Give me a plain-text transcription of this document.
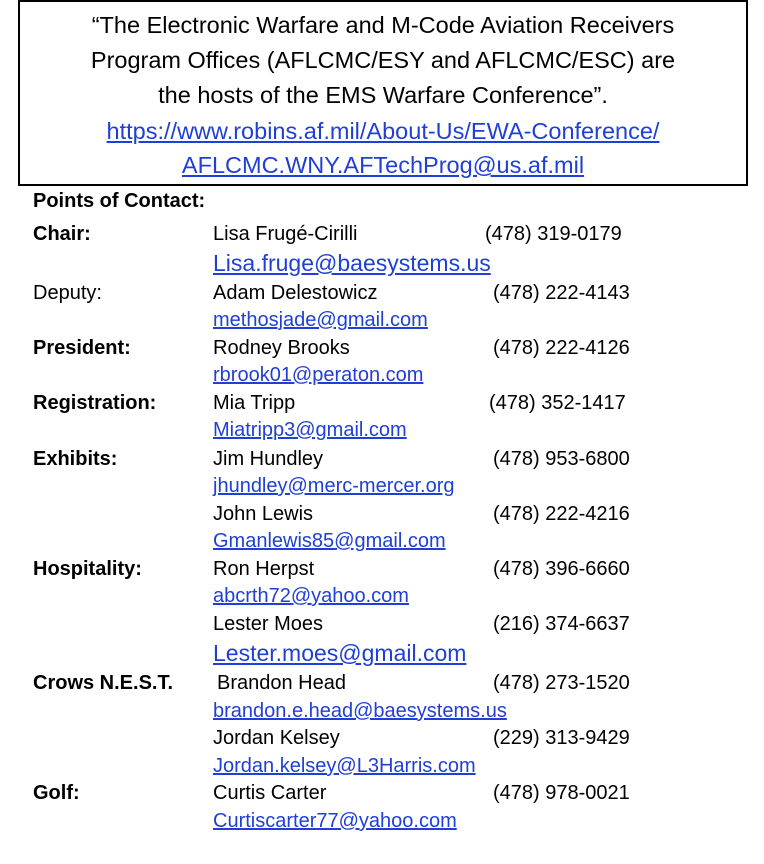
“The Electronic Warfare and M-Code Aviation Receivers
Program Offices (AFLCMC/ESY and AFLCMC/ESC) are
the hosts of the EMS Warfare Conference”.

https://www.robins.af.mil/About-Us/EWA-Conference/

AFLCMC.WNY.AFTechProg@us.af.mil

Points of Contact:
Chair:	Lisa Frugé-Cirilli	(478) 319-0179
Lisa.fruge@baesystems.us
Deputy:	Adam Delestowicz	(478) 222-4143
methosjade@gmail.com
President:	Rodney Brooks	(478) 222-4126
rbrook01@peraton.com
Registration:	Mia Tripp	(478) 352-1417
Miatripp3@gmail.com
Exhibits:	Jim Hundley	(478) 953-6800
jhundley@merc-mercer.org
John Lewis	(478) 222-4216
Gmanlewis85@gmail.com
Hospitality:	Ron Herpst	(478) 396-6660
abcrth72@yahoo.com
Lester Moes	(216) 374-6637
Lester.moes@gmail.com
Crows N.E.S.T. Brandon Head	(478) 273-1520
brandon.e.head@baesystems.us
Jordan Kelsey	(229) 313-9429
Jordan.kelsey@L3Harris.com
Golf:	Curtis Carter	(478) 978-0021
Curtiscarter77@yahoo.com
